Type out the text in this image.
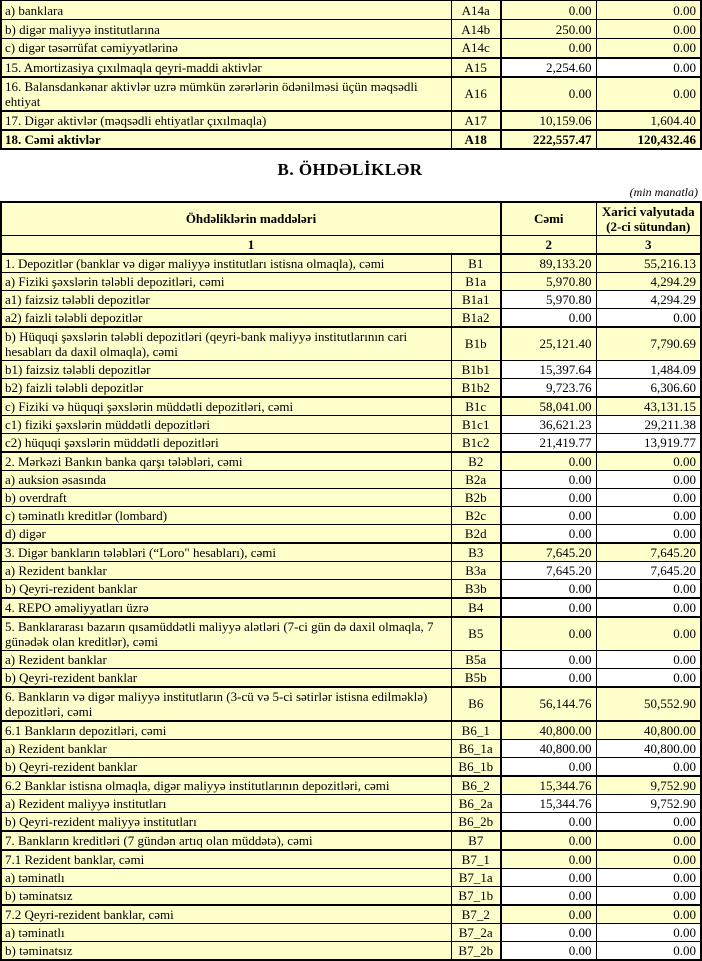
a) banklara	A14a	0.00	0.00
b) digər maliyyə institutlarına	A14b	250.00	0.00
c) digər təsərrüfat cəmiyyətlərinə	A14c	0.00	0.00
15. Amortizasiya çıxılmaqla qeyri-maddi aktivlər	A15	2,254.60	0.00
16. Balansdankənar aktivlər uzrə mümkün zərərlərin ödənilməsi üçün məqsədli ehtiyat	A16	0.00	0.00
17. Digər aktivlər (məqsədli ehtiyatlar çıxılmaqla)	A17	10,159.06	1,604.40
18. Cəmi aktivlər	A18	222,557.47	120,432.46
B. ÖHDƏLİKLƏR
(min manatla)
Öhdəliklərin maddələri		Cəmi	Xarici valyutada (2-ci sütundan)
1		2	3
1. Depozitlər (banklar və digər maliyyə institutları istisna olmaqla), cəmi	B1	89,133.20	55,216.13
a) Fiziki şəxslərin tələbli depozitləri, cəmi	B1a	5,970.80	4,294.29
a1) faizsiz tələbli depozitlər	B1a1	5,970.80	4,294.29
a2) faizli tələbli depozitlər	B1a2	0.00	0.00
b) Hüquqi şəxslərin tələbli depozitləri (qeyri-bank maliyyə institutlarının cari hesabları da daxil olmaqla), cəmi	B1b	25,121.40	7,790.69
b1) faizsiz tələbli depozitlər	B1b1	15,397.64	1,484.09
b2) faizli tələbli depozitlər	B1b2	9,723.76	6,306.60
c) Fiziki və hüquqi şəxslərin müddətli depozitləri, cəmi	B1c	58,041.00	43,131.15
c1) fiziki şəxslərin müddətli depozitləri	B1c1	36,621.23	29,211.38
c2) hüquqi şəxslərin müddətli depozitləri	B1c2	21,419.77	13,919.77
2. Mərkəzi Bankın banka qarşı tələbləri, cəmi	B2	0.00	0.00
a) auksion əsasında	B2a	0.00	0.00
b) overdraft	B2b	0.00	0.00
c) təminatlı kreditlər (lombard)	B2c	0.00	0.00
d) digər	B2d	0.00	0.00
3. Digər bankların tələbləri (“Loro" hesabları), cəmi	B3	7,645.20	7,645.20
a) Rezident banklar	B3a	7,645.20	7,645.20
b) Qeyri-rezident banklar	B3b	0.00	0.00
4. REPO əməliyyatları üzrə	B4	0.00	0.00
5. Banklararası bazarın qısamüddətli maliyyə alətləri (7-ci gün də daxil olmaqla, 7 günədək olan kreditlər), cəmi	B5	0.00	0.00
a) Rezident banklar	B5a	0.00	0.00
b) Qeyri-rezident banklar	B5b	0.00	0.00
6. Bankların və digər maliyyə institutların (3-cü və 5-ci sətirlər istisna edilməklə) depozitləri, cəmi	B6	56,144.76	50,552.90
6.1 Bankların depozitləri, cəmi	B6_1	40,800.00	40,800.00
a) Rezident banklar	B6_1a	40,800.00	40,800.00
b) Qeyri-rezident banklar	B6_1b	0.00	0.00
6.2 Banklar istisna olmaqla, digər maliyyə institutlarının depozitləri, cəmi	B6_2	15,344.76	9,752.90
a) Rezident maliyyə institutları	B6_2a	15,344.76	9,752.90
b) Qeyri-rezident maliyyə institutları	B6_2b	0.00	0.00
7. Bankların kreditləri (7 gündən artıq olan müddətə), cəmi	B7	0.00	0.00
7.1 Rezident banklar, cəmi	B7_1	0.00	0.00
a) təminatlı	B7_1a	0.00	0.00
b) təminatsız	B7_1b	0.00	0.00
7.2 Qeyri-rezident banklar, cəmi	B7_2	0.00	0.00
a) təminatlı	B7_2a	0.00	0.00
b) təminatsız	B7_2b	0.00	0.00
